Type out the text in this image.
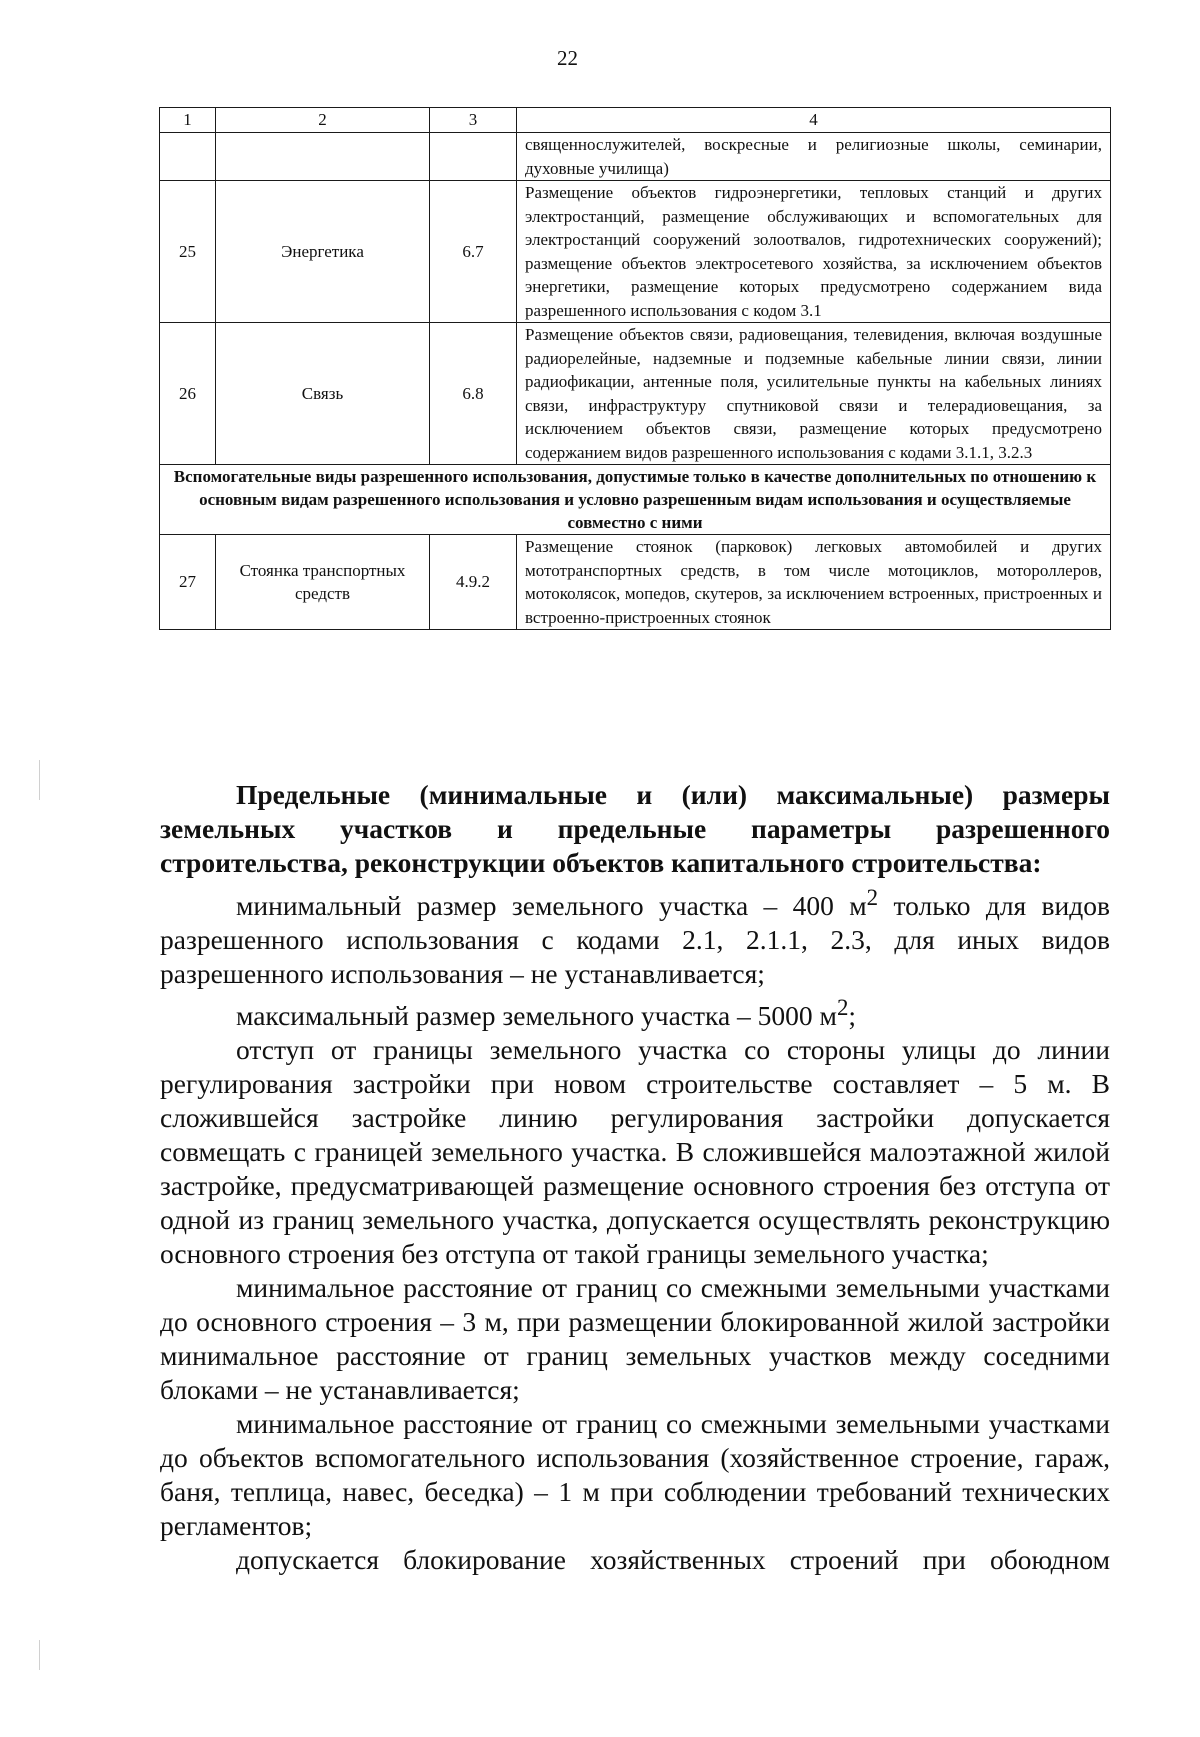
22
1	2	3	4
			священнослужителей, воскресные и религиозные школы, семинарии, духовные училища)
25	Энергетика	6.7	Размещение объектов гидроэнергетики, тепловых станций и других электростанций, размещение обслуживающих и вспомогательных для электростанций сооружений золоотвалов, гидротехнических сооружений); размещение объектов электросетевого хозяйства, за исключением объектов энергетики, размещение которых предусмотрено содержанием вида разрешенного использования с кодом 3.1
26	Связь	6.8	Размещение объектов связи, радиовещания, телевидения, включая воздушные радиорелейные, надземные и подземные кабельные линии связи, линии радиофикации, антенные поля, усилительные пункты на кабельных линиях связи, инфраструктуру спутниковой связи и телерадиовещания, за исключением объектов связи, размещение которых предусмотрено содержанием видов разрешенного использования с кодами 3.1.1, 3.2.3
Вспомогательные виды разрешенного использования, допустимые только в качестве дополнительных по отношению к основным видам разрешенного использования и условно разрешенным видам использования и осуществляемые совместно с ними			
27	Стоянка транспортных средств	4.9.2	Размещение стоянок (парковок) легковых автомобилей и других мототранспортных средств, в том числе мотоциклов, мотороллеров, мотоколясок, мопедов, скутеров, за исключением встроенных, пристроенных и встроенно-пристроенных стоянок
Предельные (минимальные и (или) максимальные) размеры земельных участков и предельные параметры разрешенного строительства, реконструкции объектов капитального строительства:

минимальный размер земельного участка – 400 $м^2$ только для видов разрешенного использования с кодами 2.1, 2.1.1, 2.3, для иных видов разрешенного использования – не устанавливается;

максимальный размер земельного участка – 5000 $м^2$;

отступ от границы земельного участка со стороны улицы до линии регулирования застройки при новом строительстве составляет – 5 м. В сложившейся застройке линию регулирования застройки допускается совмещать с границей земельного участка. В сложившейся малоэтажной жилой застройке, предусматривающей размещение основного строения без отступа от одной из границ земельного участка, допускается осуществлять реконструкцию основного строения без отступа от такой границы земельного участка;

минимальное расстояние от границ со смежными земельными участками до основного строения – 3 м, при размещении блокированной жилой застройки минимальное расстояние от границ земельных участков между соседними блоками – не устанавливается;

минимальное расстояние от границ со смежными земельными участками до объектов вспомогательного использования (хозяйственное строение, гараж, баня, теплица, навес, беседка) – 1 м при соблюдении требований технических регламентов;

допускается блокирование хозяйственных строений при обоюдном
